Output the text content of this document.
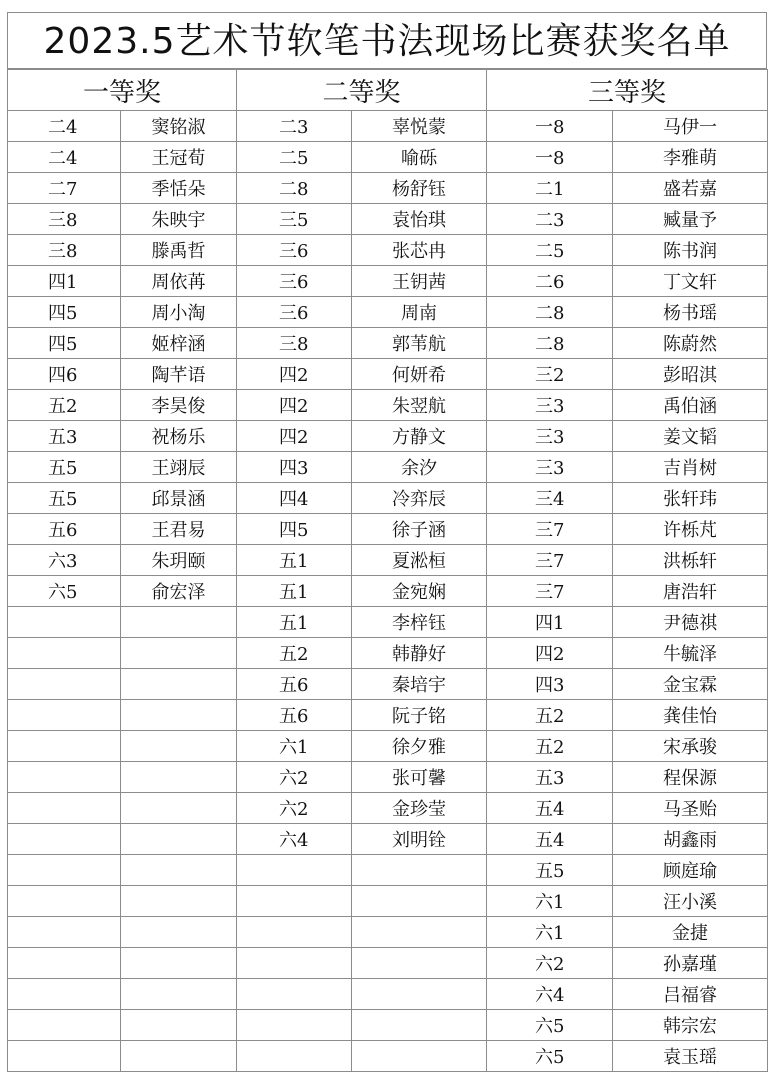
2023.5艺术节软笔书法现场比赛获奖名单
一等奖		二等奖		三等奖	
二4	窦铭淑	二3	辜悦蒙	一8	马伊一
二4	王冠荀	二5	喻砾	一8	李雅萌
二7	季恬朵	二8	杨舒钰	二1	盛若嘉
三8	朱映宇	三5	袁怡琪	二3	臧量予
三8	滕禹哲	三6	张芯冉	二5	陈书润
四1	周依苒	三6	王钥茜	二6	丁文轩
四5	周小淘	三6	周南	二8	杨书瑶
四5	姬梓涵	三8	郭苇航	二8	陈蔚然
四6	陶芊语	四2	何妍希	三2	彭昭淇
五2	李昊俊	四2	朱翌航	三3	禹伯涵
五3	祝杨乐	四2	方静文	三3	姜文韬
五5	王翊辰	四3	余汐	三3	吉肖树
五5	邱景涵	四4	冷弈辰	三4	张轩玮
五6	王君易	四5	徐子涵	三7	许栎芃
六3	朱玥颐	五1	夏淞桓	三7	洪栎轩
六5	俞宏泽	五1	金宛娴	三7	唐浩轩
		五1	李梓钰	四1	尹德祺
		五2	韩静好	四2	牛毓泽
		五6	秦培宇	四3	金宝霖
		五6	阮子铭	五2	龚佳怡
		六1	徐夕雅	五2	宋承骏
		六2	张可馨	五3	程保源
		六2	金珍莹	五4	马圣贻
		六4	刘明铨	五4	胡鑫雨
				五5	顾庭瑜
				六1	汪小溪
				六1	金捷
				六2	孙嘉瑾
				六4	吕福睿
				六5	韩宗宏
				六5	袁玉瑶
